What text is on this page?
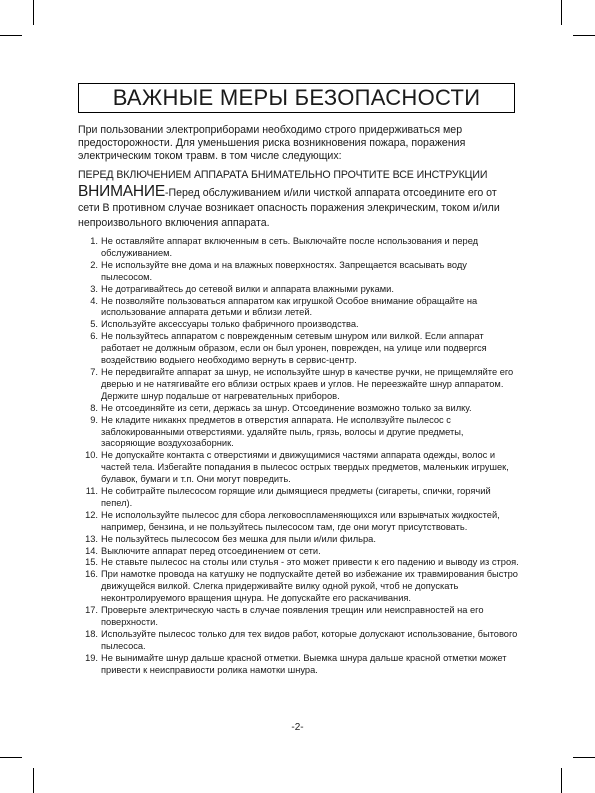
ВАЖНЫЕ МЕРЫ БЕЗОПАСНОСТИ
При пользовании электроприборами необходимо строго придерживаться мер предосторожности. Для уменьшения риска возникновения пожара, поражения электрическим током травм. в том числе следующих:
ПЕРЕД ВКЛЮЧЕНИЕМ АППАРАТА БНИМАТЕЛЬНО ПРОЧТИТЕ ВСЕ ИНСТРУКЦИИ
ВНИМАНИЕ-Перед обслуживанием и/или чисткой аппарата отсоедините его от сети В противном случае возникает опасность поражения элекрическим, током и/или непроизвольного включения аппарата.
1. Не оставляйте аппарат включенным в сеть. Выключайте после нспользования и перед обслуживанием.
2. Не используйте вне дома и на влажных поверхностях. Запрещается всасывать воду пылесосом.
3. Не дотрагивайтесь до сетевой вилки и аппарата влажными руками.
4. Не позволяйте пользоваться аппаратом как игрушкой Особое внимание обращайте на использование аппарата детьми и вблизи летей.
5. Используйте аксессуары только фабричного производства.
6. Не пользуйтесь аппаратом с поврежденным сетевым шнуром или вилкой. Если аппарат работает не должным образом, если он был уронен, поврежден, на улице или подвергся воздействию водыего необходимо вернуть в сервис-центр.
7. Не передвигайте аппарат за шнур, не используйте шнур в качестве ручки, не прищемляйте его дверью и не натягивайте его вблизи острых краев и углов. Не переезжайте шнур аппаратом. Держите шнур подальше от нагревательных приборов.
8. Не отсоединяйте из сети, держась за шнур. Отсоединение возможно только за вилку.
9. Не кладите никакнх предметов в отверстия аппарата. Не исполвзуйте пылесос с заблокированными отверстиями. удаляйте пыль, грязь, волосы и другие предметы, засоряющие воздухозаборник.
10. Не допускайте контакта с отверстиями и движущимися частями аппарата одежды, волос и частей тела. Избегайте попадания в пылесос острых твердых предметов, маленькик игрушек, булавок, бумаги и т.п. Они могут повредить.
11. Не собитрайте пылесосом горящие или дымящиеся предметы (сигареты, спички, горячий пепел).
12. Не исполользуйте пылесос для сбора легковоспламеняющихся или взрывчатых жидкостей, например, бензина, и не пользуйтесь пылесосом там, где они могут присутствовать.
13. Не пользуйтесь пылесосом без мешка для пыли и/или фильра.
14. Выключите аппарат перед отсоединением от сети.
15. Не ставьте пылесос на столы или стулья - это может привести к его падению и выводу из строя.
16. При намотке провода на катушку не подпускайте детей во избежание их травмирования быстро движущейся вилкой. Слегка придерживайте вилку одной рукой, чтоб не допускать неконтролируемого вращения щнура. Не допускайте его раскачивания.
17. Проверьте электрическую часть в случае появления трещин или неисправностей на его поверхности.
18. Используйте пылесос только для тех видов работ, которые долускают использование, бытового пылесоса.
19. Не вынимайте шнур дальше красной отметки. Выемка шнура дальше красной отметки может привести к неисправиости ролика намотки шнура.
-2-
